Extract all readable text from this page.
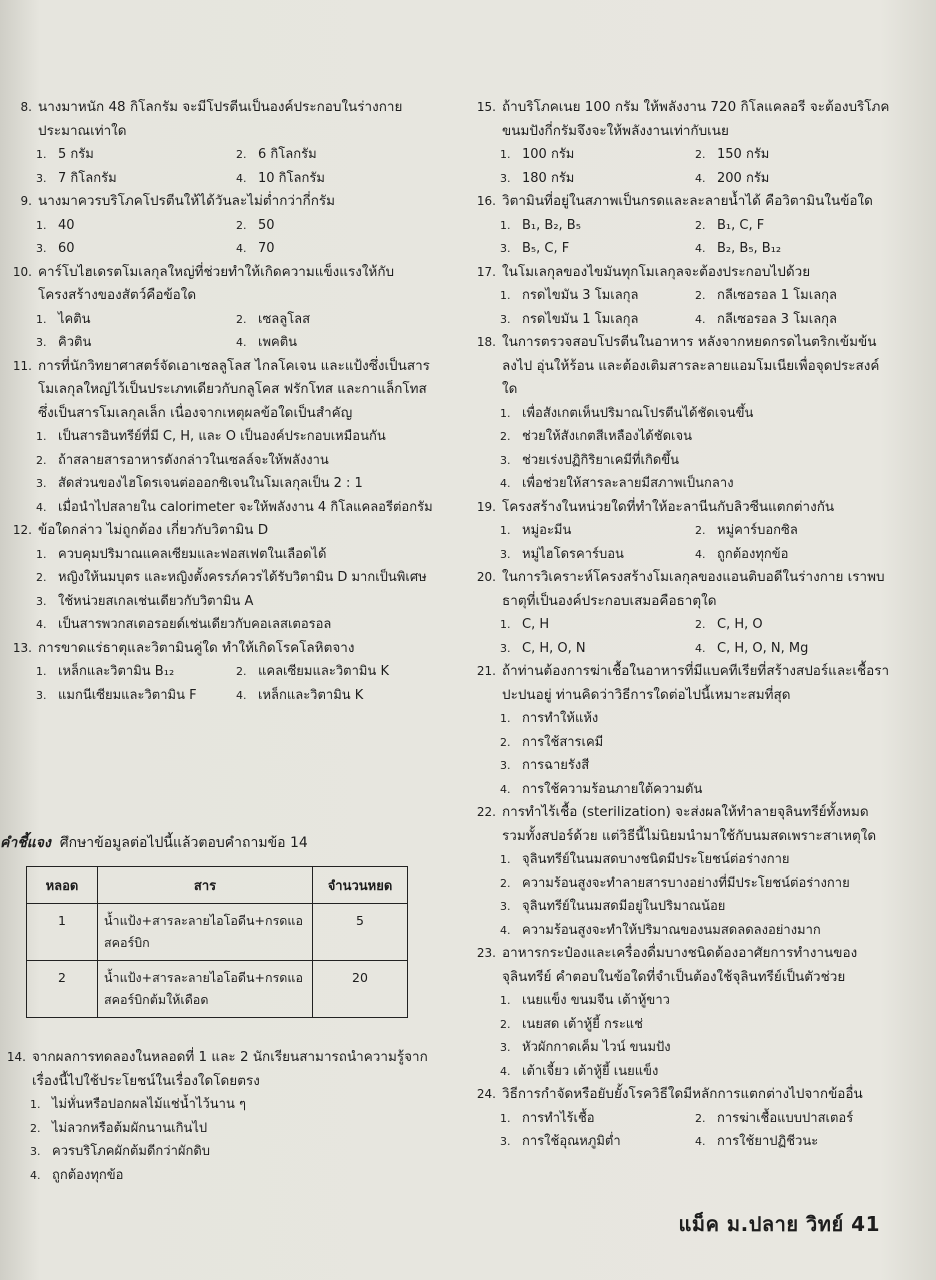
8. นางมาหนัก 48 กิโลกรัม จะมีโปรตีนเป็นองค์ประกอบในร่างกายประมาณเท่าใด
1. 5 กรัม	2. 6 กิโลกรัม
3. 7 กิโลกรัม	4. 10 กิโลกรัม
9. นางมาควรบริโภคโปรตีนให้ได้วันละไม่ต่ำกว่ากี่กรัม
1. 40	2. 50
3. 60	4. 70
10. คาร์โบไฮเดรตโมเลกุลใหญ่ที่ช่วยทำให้เกิดความแข็งแรงให้กับโครงสร้างของสัตว์คือข้อใด
1. ไคติน	2. เซลลูโลส
3. คิวติน	4. เพคติน
11. การที่นักวิทยาศาสตร์จัดเอาเซลลูโลส ไกลโคเจน และแป้งซึ่งเป็นสารโมเลกุลใหญ่ไว้เป็นประเภทเดียวกับกลูโคส ฟรักโทส และกาแล็กโทสซึ่งเป็นสารโมเลกุลเล็ก เนื่องจากเหตุผลข้อใดเป็นสำคัญ
1. เป็นสารอินทรีย์ที่มี C, H, และ O เป็นองค์ประกอบเหมือนกัน
2. ถ้าสลายสารอาหารดังกล่าวในเซลล์จะให้พลังงาน
3. สัดส่วนของไฮโดรเจนต่อออกซิเจนในโมเลกุลเป็น 2 : 1
4. เมื่อนำไปสลายใน calorimeter จะให้พลังงาน 4 กิโลแคลอรีต่อกรัม
12. ข้อใดกล่าว ไม่ถูกต้อง เกี่ยวกับวิตามิน D
1. ควบคุมปริมาณแคลเซียมและฟอสเฟตในเลือดได้
2. หญิงให้นมบุตร และหญิงตั้งครรภ์ควรได้รับวิตามิน D มากเป็นพิเศษ
3. ใช้หน่วยสเกลเช่นเดียวกับวิตามิน A
4. เป็นสารพวกสเตอรอยด์เช่นเดียวกับคอเลสเตอรอล
13. การขาดแร่ธาตุและวิตามินคู่ใด ทำให้เกิดโรคโลหิตจาง
1. เหล็กและวิตามิน B₁₂	2. แคลเซียมและวิตามิน K
3. แมกนีเซียมและวิตามิน F	4. เหล็กและวิตามิน K
15. ถ้าบริโภคเนย 100 กรัม ให้พลังงาน 720 กิโลแคลอรี จะต้องบริโภคขนมปังกี่กรัมจึงจะให้พลังงานเท่ากับเนย
1. 100 กรัม	2. 150 กรัม
3. 180 กรัม	4. 200 กรัม
16. วิตามินที่อยู่ในสภาพเป็นกรดและละลายน้ำได้ คือวิตามินในข้อใด
1. B₁, B₂, B₅	2. B₁, C, F
3. B₅, C, F	4. B₂, B₅, B₁₂
17. ในโมเลกุลของไขมันทุกโมเลกุลจะต้องประกอบไปด้วย
1. กรดไขมัน 3 โมเลกุล	2. กลีเซอรอล 1 โมเลกุล
3. กรดไขมัน 1 โมเลกุล	4. กลีเซอรอล 3 โมเลกุล
18. ในการตรวจสอบโปรตีนในอาหาร หลังจากหยดกรดไนตริกเข้มข้นลงไป อุ่นให้ร้อน และต้องเติมสารละลายแอมโมเนียเพื่อจุดประสงค์ใด
1. เพื่อสังเกตเห็นปริมาณโปรตีนได้ชัดเจนขึ้น
2. ช่วยให้สังเกตสีเหลืองได้ชัดเจน
3. ช่วยเร่งปฏิกิริยาเคมีที่เกิดขึ้น
4. เพื่อช่วยให้สารละลายมีสภาพเป็นกลาง
19. โครงสร้างในหน่วยใดที่ทำให้อะลานีนกับลิวซีนแตกต่างกัน
1. หมู่อะมีน	2. หมู่คาร์บอกซิล
3. หมู่ไฮโดรคาร์บอน	4. ถูกต้องทุกข้อ
20. ในการวิเคราะห์โครงสร้างโมเลกุลของแอนติบอดีในร่างกาย เราพบธาตุที่เป็นองค์ประกอบเสมอคือธาตุใด
1. C, H	2. C, H, O
3. C, H, O, N	4. C, H, O, N, Mg
21. ถ้าท่านต้องการฆ่าเชื้อในอาหารที่มีแบคทีเรียที่สร้างสปอร์และเชื้อราปะปนอยู่ ท่านคิดว่าวิธีการใดต่อไปนี้เหมาะสมที่สุด
1. การทำให้แห้ง
2. การใช้สารเคมี
3. การฉายรังสี
4. การใช้ความร้อนภายใต้ความดัน
22. การทำไร้เชื้อ (sterilization) จะส่งผลให้ทำลายจุลินทรีย์ทั้งหมดรวมทั้งสปอร์ด้วย แต่วิธีนี้ไม่นิยมนำมาใช้กับนมสดเพราะสาเหตุใด
1. จุลินทรีย์ในนมสดบางชนิดมีประโยชน์ต่อร่างกาย
2. ความร้อนสูงจะทำลายสารบางอย่างที่มีประโยชน์ต่อร่างกาย
3. จุลินทรีย์ในนมสดมีอยู่ในปริมาณน้อย
4. ความร้อนสูงจะทำให้ปริมาณของนมสดลดลงอย่างมาก
23. อาหารกระป๋องและเครื่องดื่มบางชนิดต้องอาศัยการทำงานของจุลินทรีย์ คำตอบในข้อใดที่จำเป็นต้องใช้จุลินทรีย์เป็นตัวช่วย
1. เนยแข็ง ขนมจีน เต้าหู้ขาว
2. เนยสด เต้าหู้ยี้ กระแช่
3. หัวผักกาดเค็ม ไวน์ ขนมปัง
4. เต้าเจี้ยว เต้าหู้ยี้ เนยแข็ง
24. วิธีการกำจัดหรือยับยั้งโรควิธีใดมีหลักการแตกต่างไปจากข้ออื่น
1. การทำไร้เชื้อ	2. การฆ่าเชื้อแบบปาสเตอร์
3. การใช้อุณหภูมิต่ำ	4. การใช้ยาปฏิชีวนะ
คำชี้แจง ศึกษาข้อมูลต่อไปนี้แล้วตอบคำถามข้อ 14
หลอด	สาร	จำนวนหยด
1	น้ำแป้ง+สารละลายไอโอดีน+กรดแอสคอร์บิก	5
2	น้ำแป้ง+สารละลายไอโอดีน+กรดแอสคอร์บิกต้มให้เดือด	20
14. จากผลการทดลองในหลอดที่ 1 และ 2 นักเรียนสามารถนำความรู้จากเรื่องนี้ไปใช้ประโยชน์ในเรื่องใดโดยตรง
1. ไม่หั่นหรือปอกผลไม้แช่น้ำไว้นาน ๆ
2. ไม่ลวกหรือต้มผักนานเกินไป
3. ควรบริโภคผักต้มดีกว่าผักดิบ
4. ถูกต้องทุกข้อ
แม็ค ม.ปลาย วิทย์ 41
